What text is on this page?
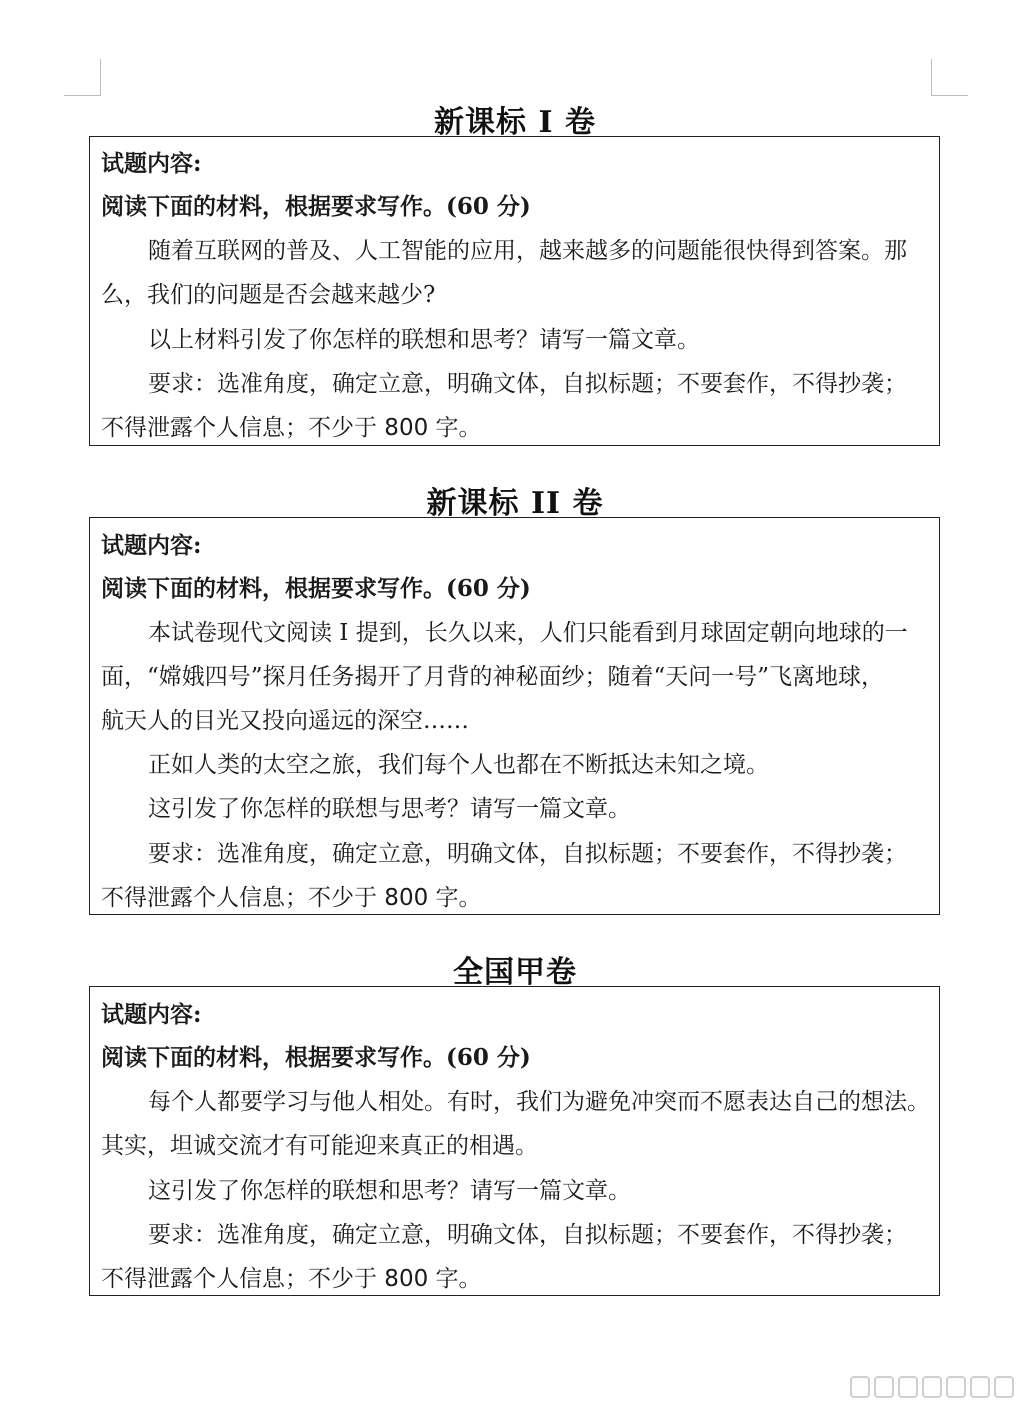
新课标 I 卷
试题内容:
阅读下面的材料，根据要求写作。(60 分)
随着互联网的普及、人工智能的应用，越来越多的问题能很快得到答案。那
么，我们的问题是否会越来越少?
以上材料引发了你怎样的联想和思考？请写一篇文章。
要求：选准角度，确定立意，明确文体，自拟标题；不要套作，不得抄袭；
不得泄露个人信息；不少于 800 字。
新课标 II 卷
试题内容:
阅读下面的材料，根据要求写作。(60 分)
本试卷现代文阅读 I 提到，长久以来，人们只能看到月球固定朝向地球的一
面，“嫦娥四号”探月任务揭开了月背的神秘面纱；随着“天问一号”飞离地球，
航天人的目光又投向遥远的深空……
正如人类的太空之旅，我们每个人也都在不断抵达未知之境。
这引发了你怎样的联想与思考？请写一篇文章。
要求：选准角度，确定立意，明确文体，自拟标题；不要套作，不得抄袭；
不得泄露个人信息；不少于 800 字。
全国甲卷
试题内容:
阅读下面的材料，根据要求写作。(60 分)
每个人都要学习与他人相处。有时，我们为避免冲突而不愿表达自己的想法。
其实，坦诚交流才有可能迎来真正的相遇。
这引发了你怎样的联想和思考？请写一篇文章。
要求：选准角度，确定立意，明确文体，自拟标题；不要套作，不得抄袭；
不得泄露个人信息；不少于 800 字。
